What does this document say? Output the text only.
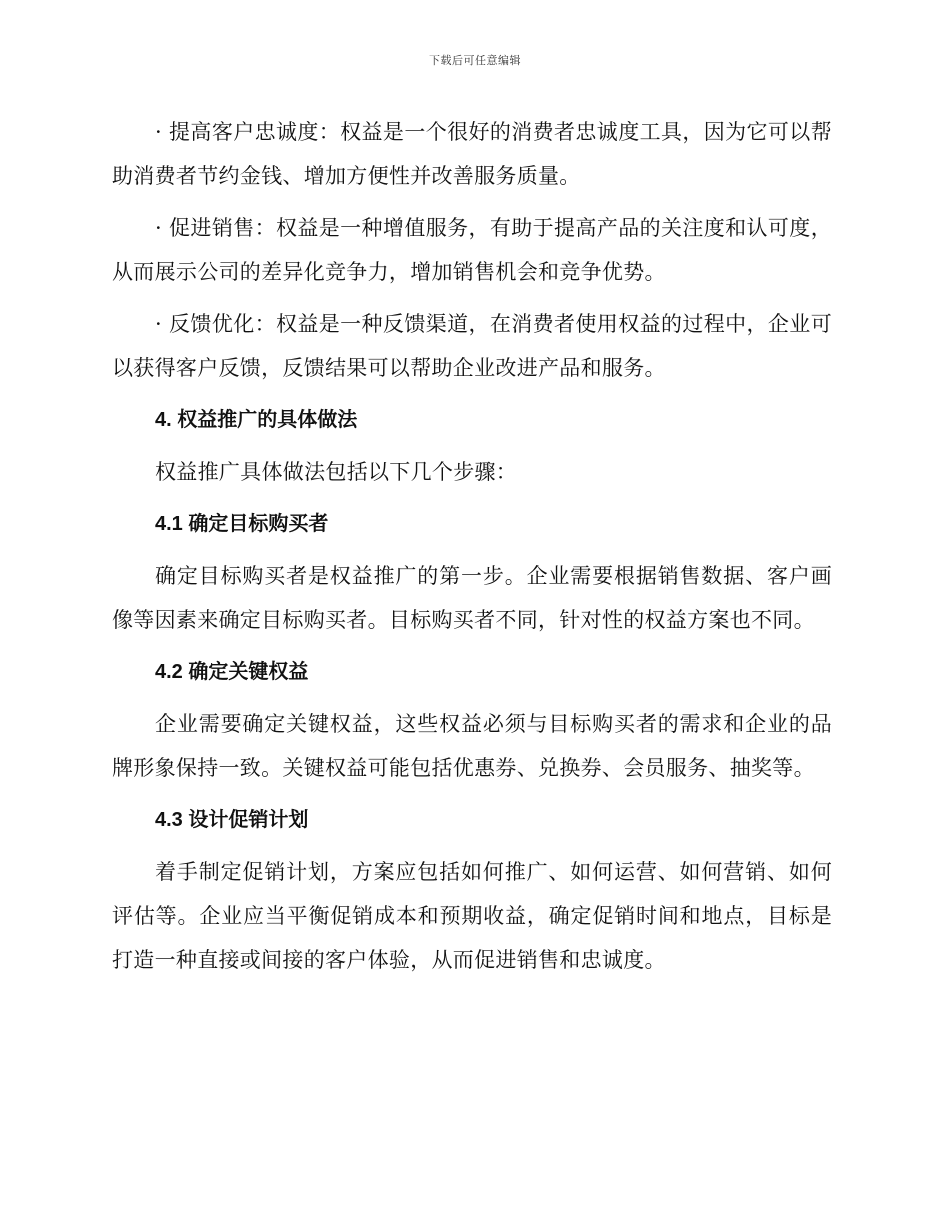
下载后可任意编辑

· 提高客户忠诚度：权益是一个很好的消费者忠诚度工具，因为它可以帮助消费者节约金钱、增加方便性并改善服务质量。

· 促进销售：权益是一种增值服务，有助于提高产品的关注度和认可度，从而展示公司的差异化竞争力，增加销售机会和竞争优势。

· 反馈优化：权益是一种反馈渠道，在消费者使用权益的过程中，企业可以获得客户反馈，反馈结果可以帮助企业改进产品和服务。

4. 权益推广的具体做法

权益推广具体做法包括以下几个步骤：

4.1 确定目标购买者

确定目标购买者是权益推广的第一步。企业需要根据销售数据、客户画像等因素来确定目标购买者。目标购买者不同，针对性的权益方案也不同。

4.2 确定关键权益

企业需要确定关键权益，这些权益必须与目标购买者的需求和企业的品牌形象保持一致。关键权益可能包括优惠券、兑换券、会员服务、抽奖等。

4.3 设计促销计划

着手制定促销计划，方案应包括如何推广、如何运营、如何营销、如何评估等。企业应当平衡促销成本和预期收益，确定促销时间和地点，目标是打造一种直接或间接的客户体验，从而促进销售和忠诚度。
